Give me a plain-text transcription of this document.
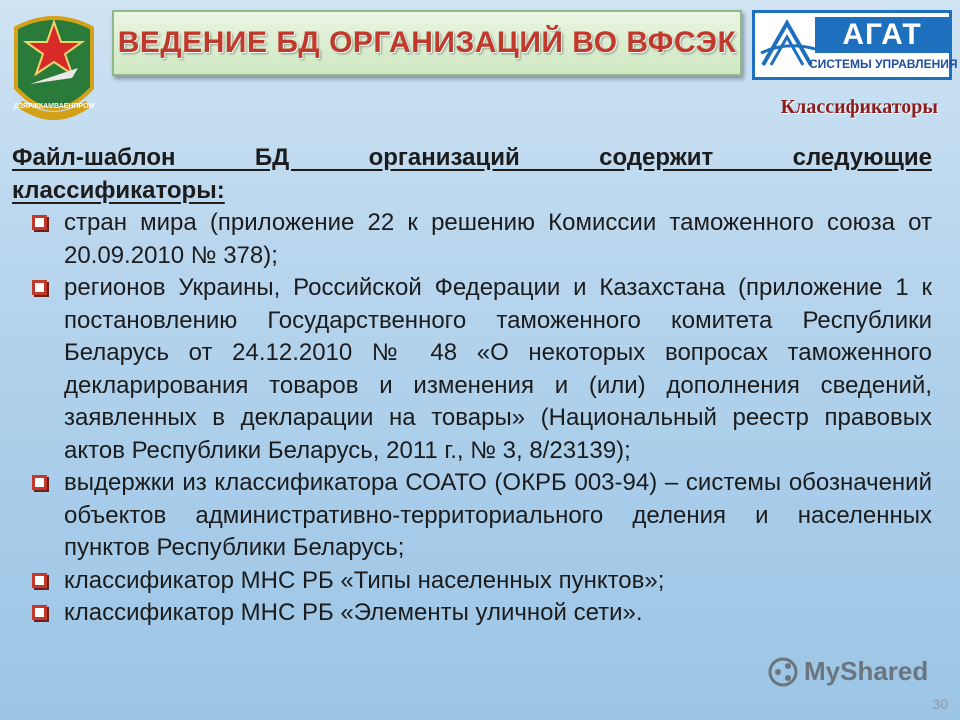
ДЗЯРЖКАМВАЕНПРОМ
ВЕДЕНИЕ БД ОРГАНИЗАЦИЙ ВО ВФСЭК	АГАТ
СИСТЕМЫ УПРАВЛЕНИЯ
Классификаторы
Файл-шаблон БД организаций содержит следующие
классификаторы:
стран мира (приложение 22 к решению Комиссии таможенного союза от 20.09.2010 № 378);
регионов Украины, Российской Федерации и Казахстана (приложение 1 к постановлению Государственного таможенного комитета Республики Беларусь от 24.12.2010 № 48 «О некоторых вопросах таможенного декларирования товаров и изменения и (или) дополнения сведений, заявленных в декларации на товары» (Национальный реестр правовых актов Республики Беларусь, 2011 г., № 3, 8/23139);
выдержки из классификатора СОАТО (ОКРБ 003-94) – системы обозначений объектов административно-территориального деления и населенных пунктов Республики Беларусь;
классификатор МНС РБ «Типы населенных пунктов»;
классификатор МНС РБ «Элементы уличной сети».
MyShared
30
